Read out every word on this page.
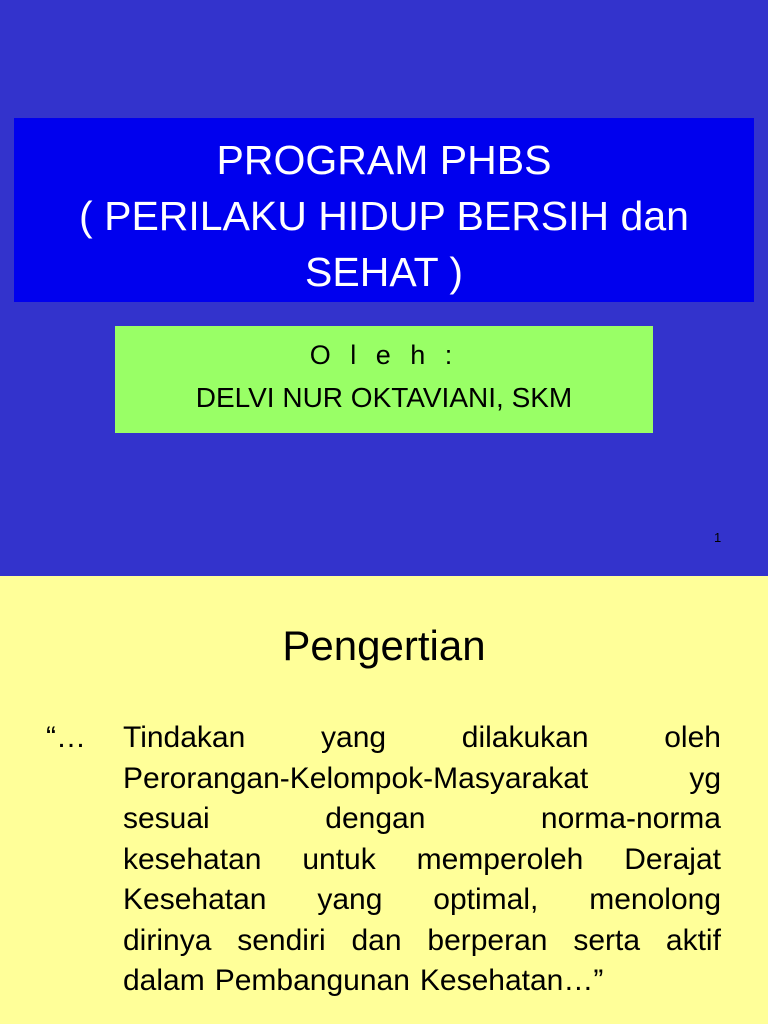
PROGRAM PHBS
( PERILAKU HIDUP BERSIH dan
SEHAT )
O l e h :
DELVI NUR OKTAVIANI, SKM
1
Pengertian
“… Tindakan	yang	dilakukan	oleh
Perorangan-Kelompok-Masyarakat	yg
sesuai	dengan	norma-norma
kesehatan untuk memperoleh Derajat
Kesehatan yang optimal, menolong
dirinya sendiri dan berperan serta aktif
dalam Pembangunan Kesehatan…”
